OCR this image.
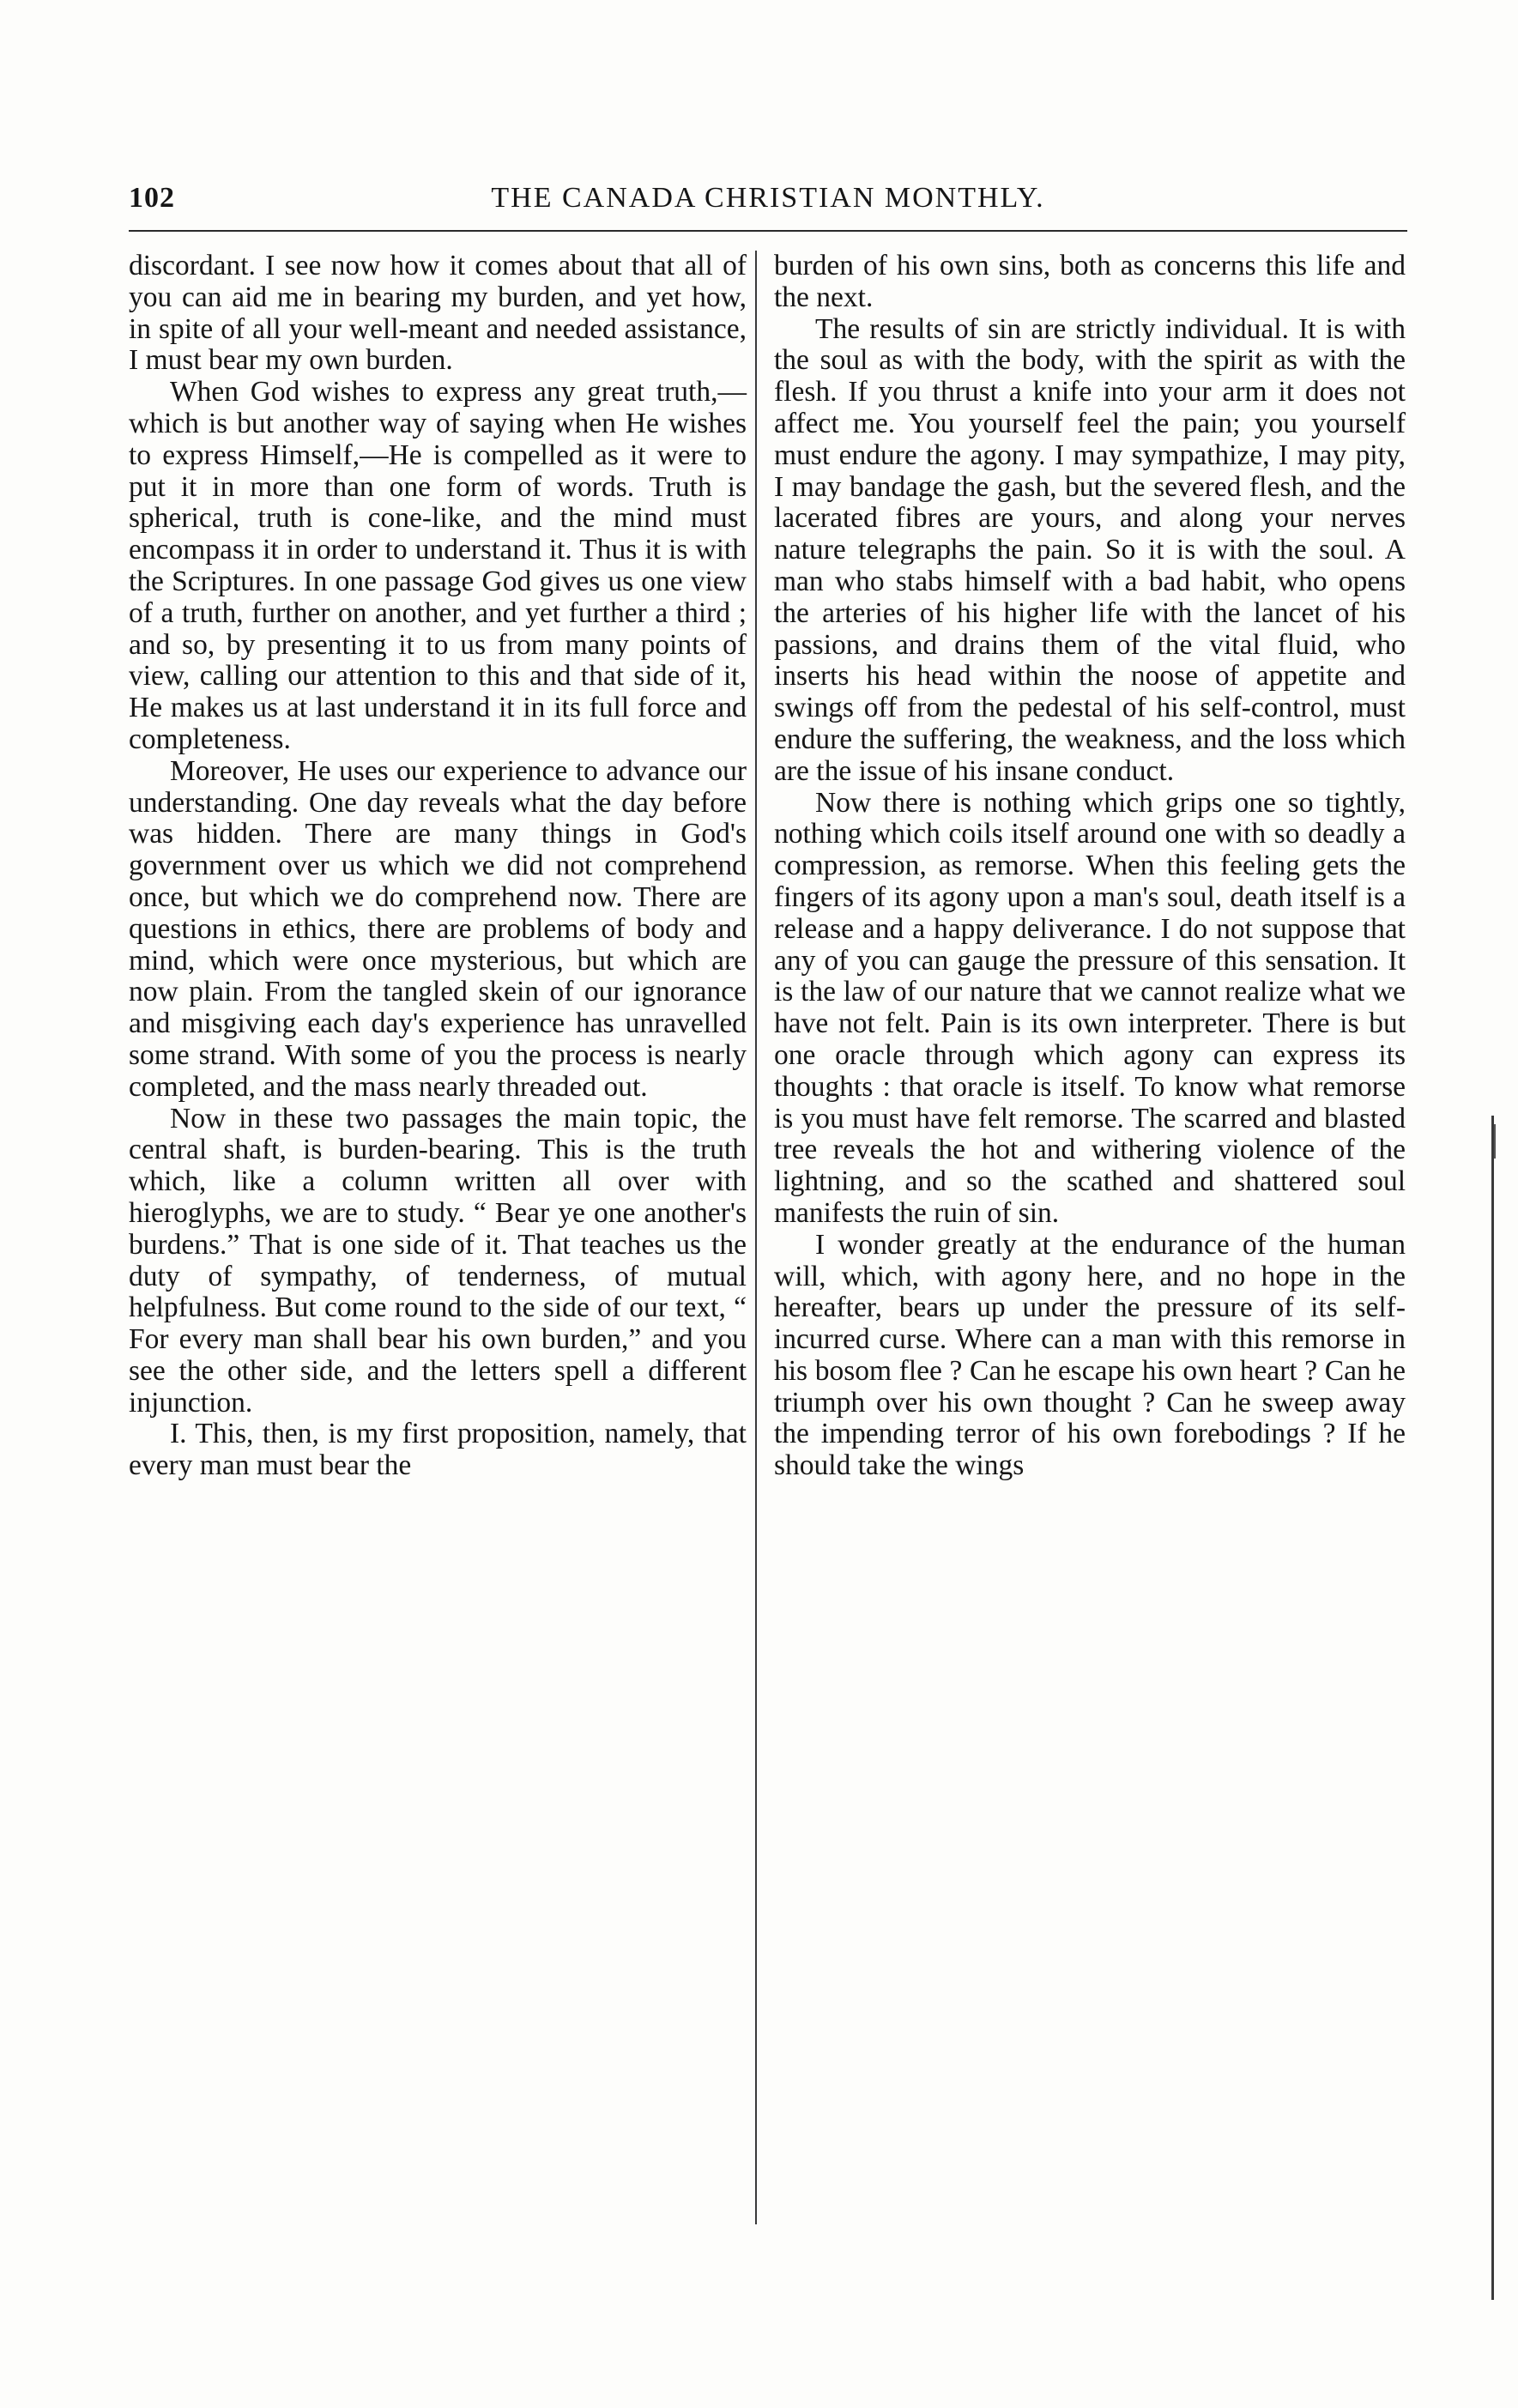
102	THE CANADA CHRISTIAN MONTHLY.

discordant. I see now how it comes about that all of you can aid me in bearing my burden, and yet how, in spite of all your well-meant and needed assistance, I must bear my own burden.

When God wishes to express any great truth,—which is but another way of saying when He wishes to express Himself,—He is compelled as it were to put it in more than one form of words. Truth is spherical, truth is cone-like, and the mind must encompass it in order to understand it. Thus it is with the Scriptures. In one passage God gives us one view of a truth, further on another, and yet further a third ; and so, by presenting it to us from many points of view, calling our attention to this and that side of it, He makes us at last understand it in its full force and completeness.

Moreover, He uses our experience to advance our understanding. One day reveals what the day before was hidden. There are many things in God's government over us which we did not comprehend once, but which we do comprehend now. There are questions in ethics, there are problems of body and mind, which were once mysterious, but which are now plain. From the tangled skein of our ignorance and misgiving each day's experience has unravelled some strand. With some of you the process is nearly completed, and the mass nearly threaded out.

Now in these two passages the main topic, the central shaft, is burden-bearing. This is the truth which, like a column written all over with hieroglyphs, we are to study. “ Bear ye one another's burdens.” That is one side of it. That teaches us the duty of sympathy, of tenderness, of mutual helpfulness. But come round to the side of our text, “ For every man shall bear his own burden,” and you see the other side, and the letters spell a different injunction.

I. This, then, is my first proposition, namely, that every man must bear the

burden of his own sins, both as concerns this life and the next.

The results of sin are strictly individual. It is with the soul as with the body, with the spirit as with the flesh. If you thrust a knife into your arm it does not affect me. You yourself feel the pain; you yourself must endure the agony. I may sympathize, I may pity, I may bandage the gash, but the severed flesh, and the lacerated fibres are yours, and along your nerves nature telegraphs the pain. So it is with the soul. A man who stabs himself with a bad habit, who opens the arteries of his higher life with the lancet of his passions, and drains them of the vital fluid, who inserts his head within the noose of appetite and swings off from the pedestal of his self-control, must endure the suffering, the weakness, and the loss which are the issue of his insane conduct.

Now there is nothing which grips one so tightly, nothing which coils itself around one with so deadly a compression, as remorse. When this feeling gets the fingers of its agony upon a man's soul, death itself is a release and a happy deliverance. I do not suppose that any of you can gauge the pressure of this sensation. It is the law of our nature that we cannot realize what we have not felt. Pain is its own interpreter. There is but one oracle through which agony can express its thoughts : that oracle is itself. To know what remorse is you must have felt remorse. The scarred and blasted tree reveals the hot and withering violence of the lightning, and so the scathed and shattered soul manifests the ruin of sin.

I wonder greatly at the endurance of the human will, which, with agony here, and no hope in the hereafter, bears up under the pressure of its self-incurred curse. Where can a man with this remorse in his bosom flee ? Can he escape his own heart ? Can he triumph over his own thought ? Can he sweep away the impending terror of his own forebodings ? If he should take the wings
